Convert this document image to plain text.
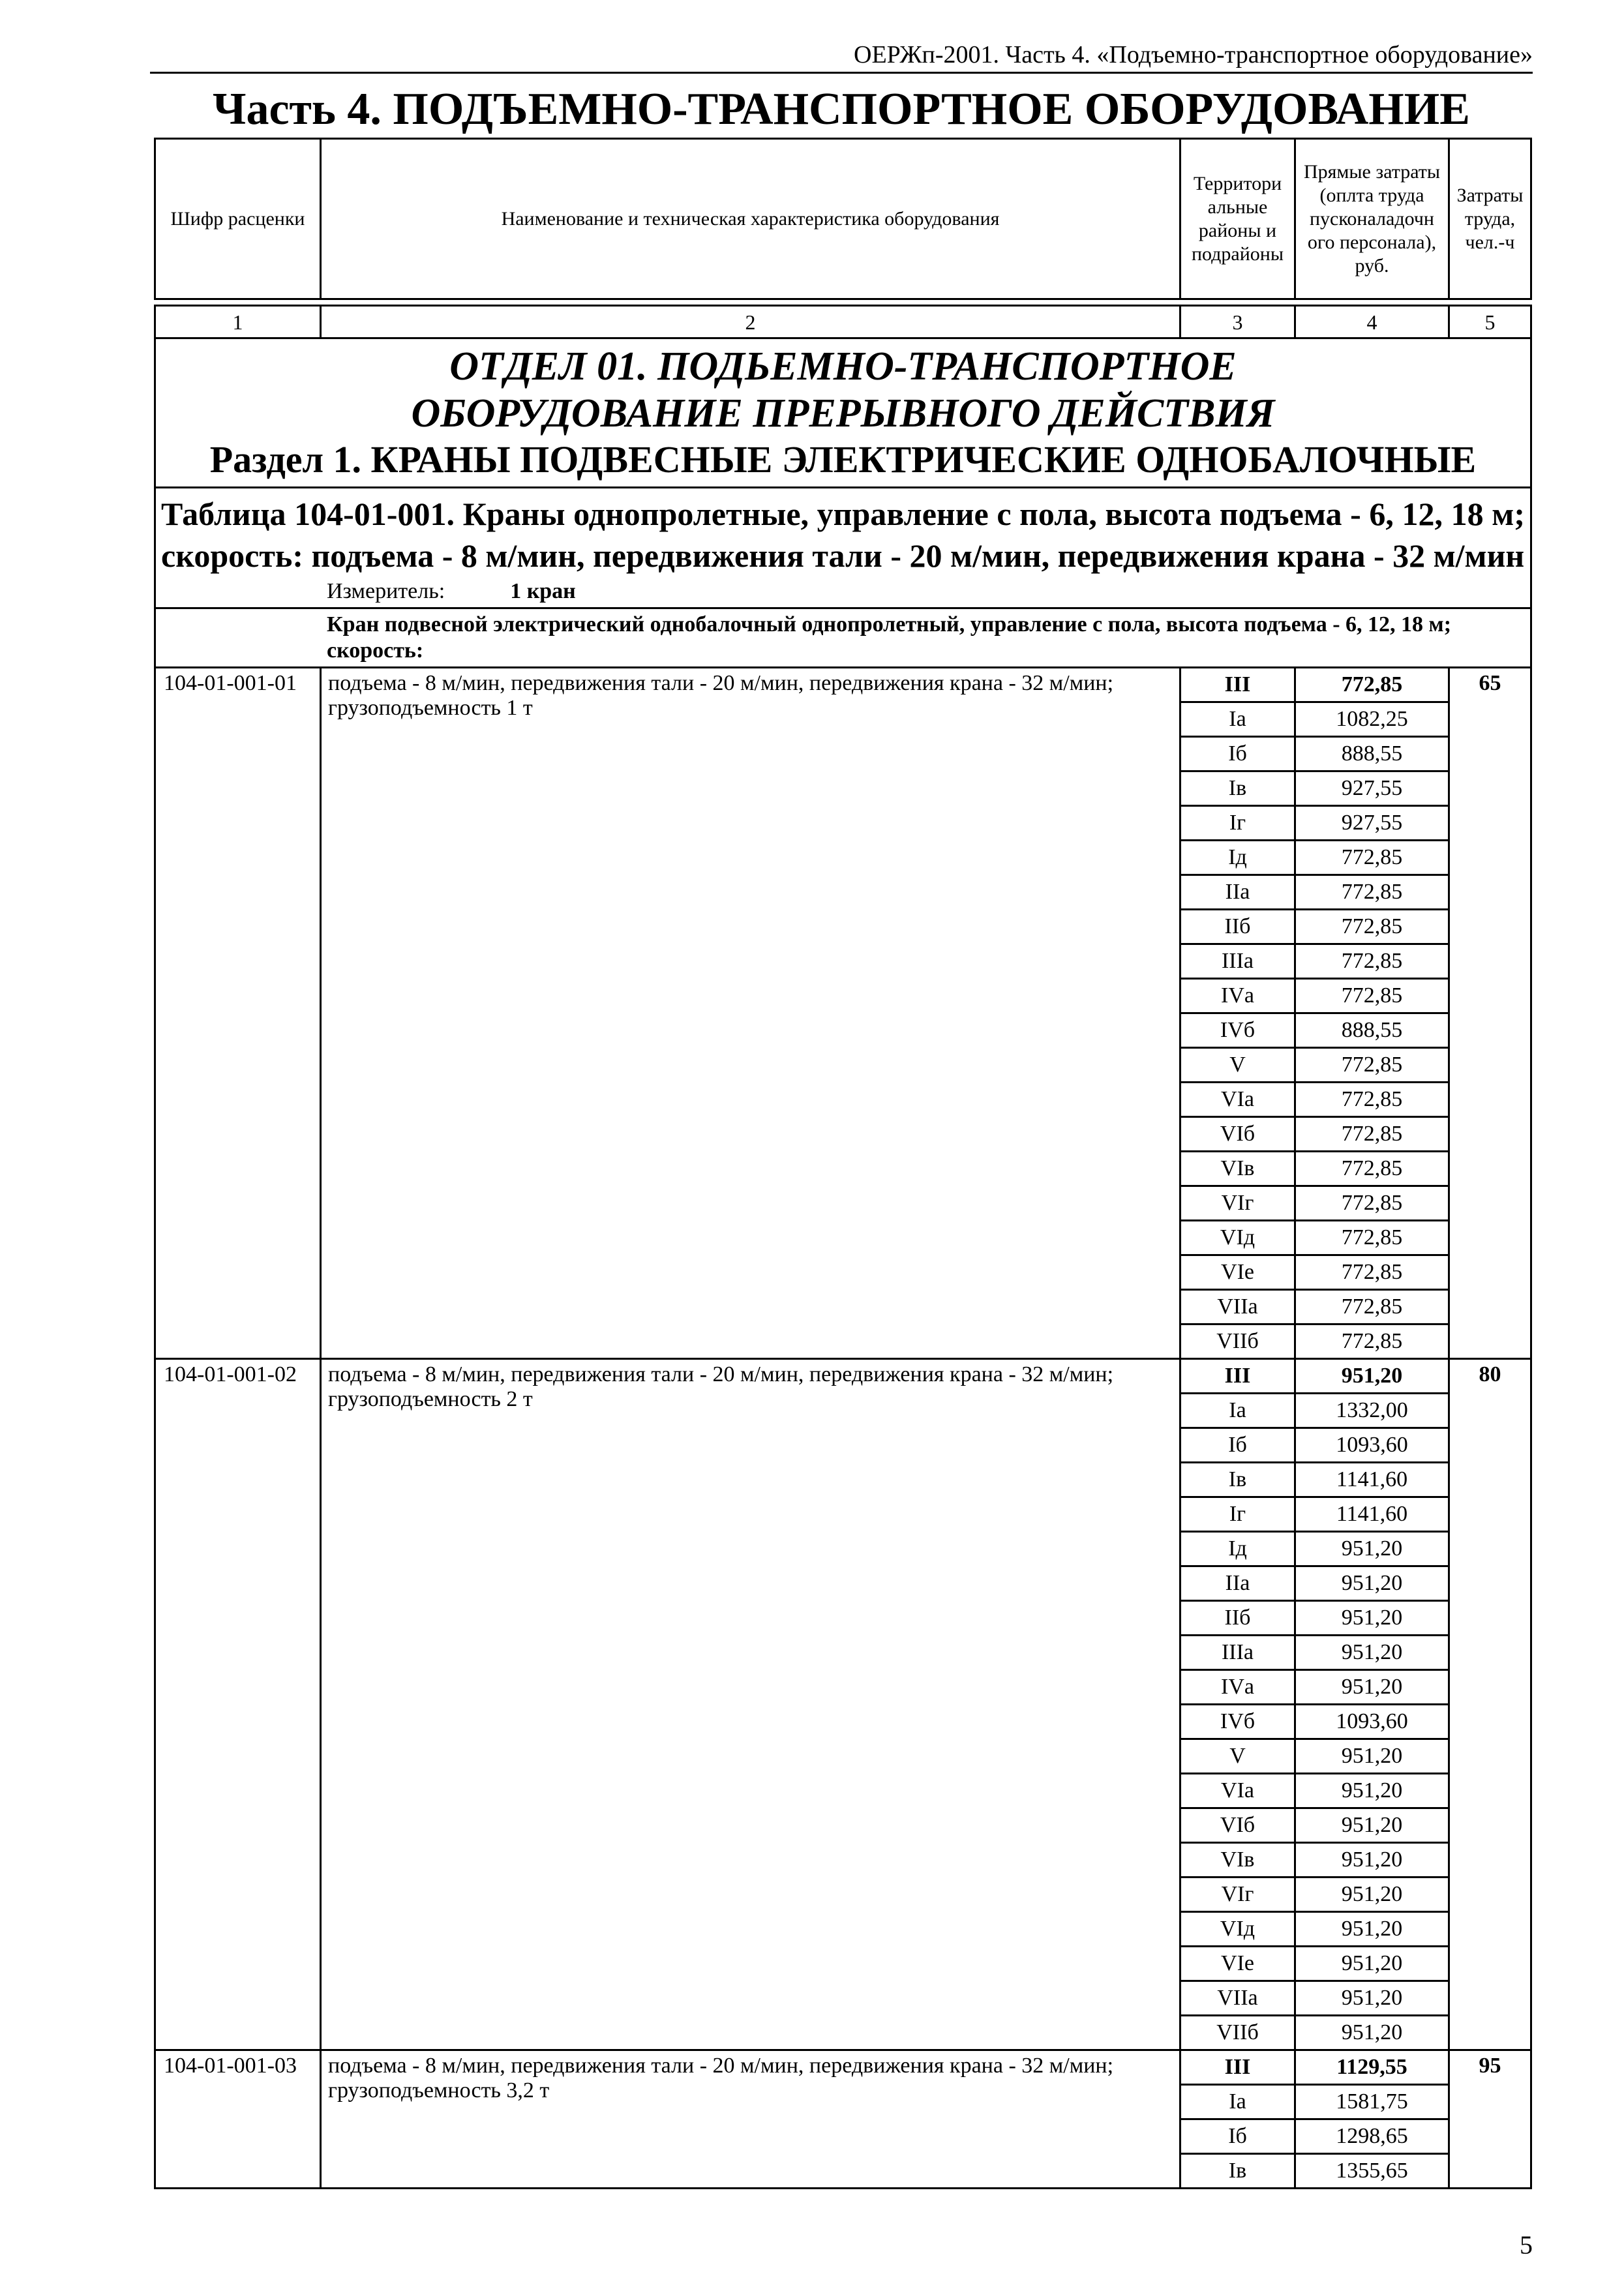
ОЕРЖп-2001. Часть 4. «Подъемно-транспортное оборудование»
Часть 4. ПОДЪЕМНО-ТРАНСПОРТНОЕ ОБОРУДОВАНИЕ
Шифр расценки	Наименование и техническая характеристика оборудования	Территори альные районы и подрайоны	Прямые затраты (оплта труда пусконаладочн ого персонала), руб.	Затраты труда, чел.-ч

1	2	3	4	5

ОТДЕЛ 01. ПОДЬЕМНО-ТРАНСПОРТНОЕ ОБОРУДОВАНИЕ ПРЕРЫВНОГО ДЕЙСТВИЯ
Раздел 1. КРАНЫ ПОДВЕСНЫЕ ЭЛЕКТРИЧЕСКИЕ ОДНОБАЛОЧНЫЕ				

Таблица 104-01-001. Краны однопролетные, управление с пола, высота подъема - 6, 12, 18 м;
скорость: подъема - 8 м/мин, передвижения тали - 20 м/мин, передвижения крана - 32 м/мин
Измеритель: 1 кран				

Кран подвесной электрический однобалочный однопролетный, управление с пола, высота подъема - 6, 12, 18 м; скорость:				

104-01-001-01	подъема - 8 м/мин, передвижения тали - 20 м/мин, передвижения крана - 32 м/мин; грузоподъемность 1 т	III	772,85	65
		Iа	1082,25	
		Iб	888,55	
		Iв	927,55	
		Iг	927,55	
		Iд	772,85	
		IIа	772,85	
		IIб	772,85	
		IIIа	772,85	
		IVа	772,85	
		IVб	888,55	
		V	772,85	
		VIа	772,85	
		VIб	772,85	
		VIв	772,85	
		VIг	772,85	
		VIд	772,85	
		VIе	772,85	
		VIIа	772,85	
		VIIб	772,85	
104-01-001-02	подъема - 8 м/мин, передвижения тали - 20 м/мин, передвижения крана - 32 м/мин; грузоподъемность 2 т	III	951,20	80
		Iа	1332,00	
		Iб	1093,60	
		Iв	1141,60	
		Iг	1141,60	
		Iд	951,20	
		IIа	951,20	
		IIб	951,20	
		IIIа	951,20	
		IVа	951,20	
		IVб	1093,60	
		V	951,20	
		VIа	951,20	
		VIб	951,20	
		VIв	951,20	
		VIг	951,20	
		VIд	951,20	
		VIе	951,20	
		VIIа	951,20	
		VIIб	951,20	
104-01-001-03	подъема - 8 м/мин, передвижения тали - 20 м/мин, передвижения крана - 32 м/мин; грузоподъемность 3,2 т	III	1129,55	95
		Iа	1581,75	
		Iб	1298,65	
		Iв	1355,65	
5
